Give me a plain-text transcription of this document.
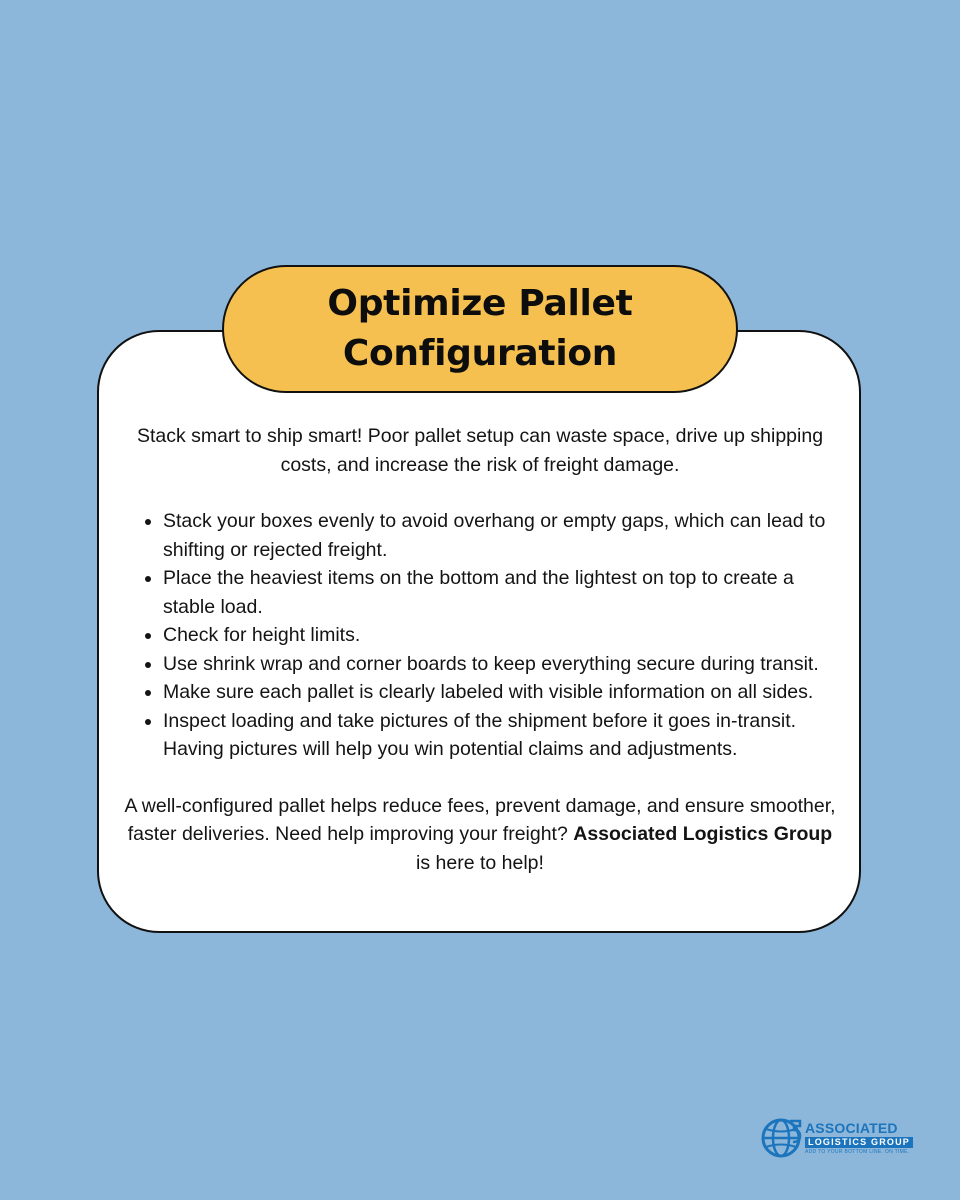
Optimize Pallet
Configuration

Stack smart to ship smart! Poor pallet setup can waste space, drive up shipping costs, and increase the risk of freight damage.

• Stack your boxes evenly to avoid overhang or empty gaps, which can lead to shifting or rejected freight.
• Place the heaviest items on the bottom and the lightest on top to create a stable load.
• Check for height limits.
• Use shrink wrap and corner boards to keep everything secure during transit.
• Make sure each pallet is clearly labeled with visible information on all sides.
• Inspect loading and take pictures of the shipment before it goes in-transit. Having pictures will help you win potential claims and adjustments.

A well-configured pallet helps reduce fees, prevent damage, and ensure smoother, faster deliveries. Need help improving your freight? Associated Logistics Group is here to help!

ASSOCIATED
LOGISTICS GROUP
ADD TO YOUR BOTTOM LINE. ON TIME.
